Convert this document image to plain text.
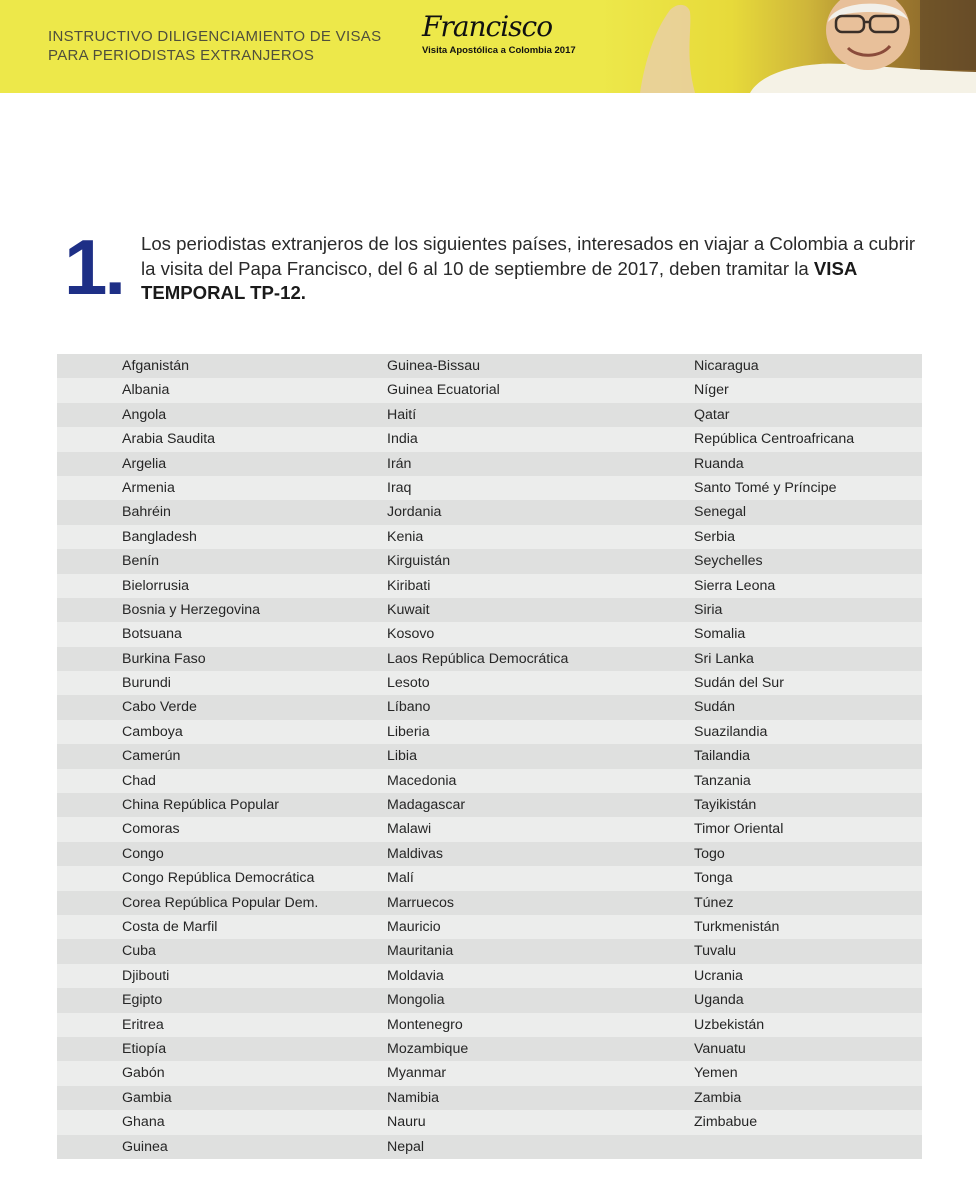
INSTRUCTIVO DILIGENCIAMIENTO DE VISAS
PARA PERIODISTAS EXTRANJEROS
Francisco
Visita Apostólica a Colombia 2017
1. Los periodistas extranjeros de los siguientes países, interesados en viajar a Colombia a cubrir la visita del Papa Francisco, del 6 al 10 de septiembre de 2017, deben tramitar la VISA TEMPORAL TP-12.
Afganistán	Guinea-Bissau	Nicaragua
Albania	Guinea Ecuatorial	Níger
Angola	Haití	Qatar
Arabia Saudita	India	República Centroafricana
Argelia	Irán	Ruanda
Armenia	Iraq	Santo Tomé y Príncipe
Bahréin	Jordania	Senegal
Bangladesh	Kenia	Serbia
Benín	Kirguistán	Seychelles
Bielorrusia	Kiribati	Sierra Leona
Bosnia y Herzegovina	Kuwait	Siria
Botsuana	Kosovo	Somalia
Burkina Faso	Laos República Democrática	Sri Lanka
Burundi	Lesoto	Sudán del Sur
Cabo Verde	Líbano	Sudán
Camboya	Liberia	Suazilandia
Camerún	Libia	Tailandia
Chad	Macedonia	Tanzania
China República Popular	Madagascar	Tayikistán
Comoras	Malawi	Timor Oriental
Congo	Maldivas	Togo
Congo República Democrática	Malí	Tonga
Corea República Popular Dem.	Marruecos	Túnez
Costa de Marfil	Mauricio	Turkmenistán
Cuba	Mauritania	Tuvalu
Djibouti	Moldavia	Ucrania
Egipto	Mongolia	Uganda
Eritrea	Montenegro	Uzbekistán
Etiopía	Mozambique	Vanuatu
Gabón	Myanmar	Yemen
Gambia	Namibia	Zambia
Ghana	Nauru	Zimbabue
Guinea	Nepal
